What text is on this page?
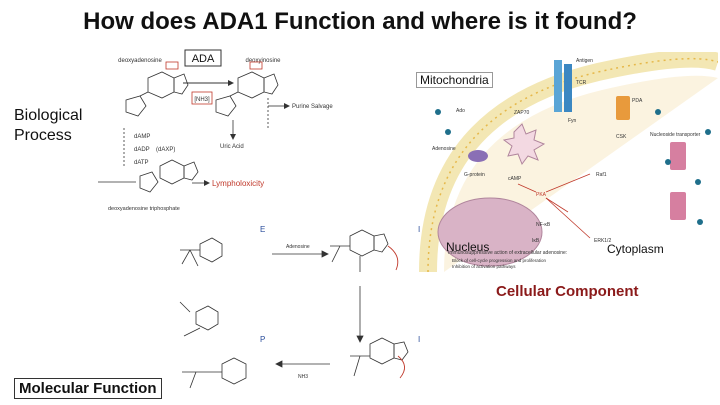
How does ADA1 Function and where is it found?
ADA
deoxyadenosine	deoxyinosine
[NH3]
Purine Salvage
Uric Acid
dAMP
dADP (dAXP)
dATP
deoxyadenosine triphosphate
Lympholoxicity
Biological Process
Antigen
TCR
PDA
Nucleoside transporter
Ado
Adenosine
G-protein
ZAP70
Fyn
CSK
cAMP
PKA
Raf1
NF-κB
IκB	ERK1/2
Immunosuppressive action of extracellular adenosine:
Block of cell-cycle progression and proliferation
Inhibition of activation pathways
Mitochondria
Nucleus	Cytoplasm
Cellular Component
E	I
P	I
Adenosine
NH3
Molecular Function
